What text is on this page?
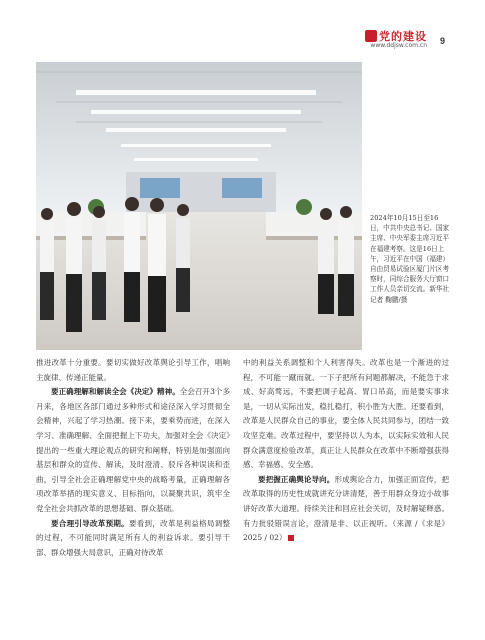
党的建设
www.ddjsw.com.cn 9
2024年10月15日至16日，中共中央总书记、国家主席、中央军委主席习近平在福建考察。这是16日上午，习近平在中国（福建）自由贸易试验区厦门片区考察时，同综合服务大厅窗口工作人员亲切交流。新华社记者 鞠鹏/摄

推进改革十分重要。要切实做好改革舆论引导工作，唱响主旋律、传递正能量。

要正确理解和解读全会《决定》精神。全会召开3个多月来，各地区各部门通过多种形式和途径深入学习贯彻全会精神，兴起了学习热潮。接下来，要乘势而进，在深入学习、准确理解、全面把握上下功夫，加强对全会《决定》提出的一些重大理论观点的研究和阐释，特别是加强面向基层和群众的宣传、解读，及时澄清、驳斥各种误读和歪曲，引导全社会正确理解党中央的战略考量，正确理解各项改革举措的现实意义、目标指向，以凝聚共识，筑牢全党全社会共抓改革的思想基础、群众基础。

要合理引导改革预期。要看到，改革是利益格局调整的过程，不可能同时满足所有人的利益诉求。要引导干部、群众增强大局意识，正确对待改革

中的利益关系调整和个人利害得失。改革也是一个渐进的过程，不可能一蹴而就、一下子把所有问题都解决，不能急于求成、好高骛远，不要把调子起高、胃口吊高，而是要实事求是，一切从实际出发，稳扎稳打，积小胜为大胜。还要看到，改革是人民群众自己的事业，要全体人民共同参与，团结一致攻坚克难。改革过程中，要坚持以人为本，以实际实效和人民群众满意度检验改革，真正让人民群众在改革中不断增强获得感、幸福感、安全感。

要把握正确舆论导向。形成舆论合力，加强正面宣传，把改革取得的历史性成就讲充分讲清楚，善于用群众身边小故事讲好改革大道理。持续关注和回应社会关切，及时解疑释惑。有力批驳错误言论，澄清是非、以正视听。（来源 /《求是》2025 / 02）
